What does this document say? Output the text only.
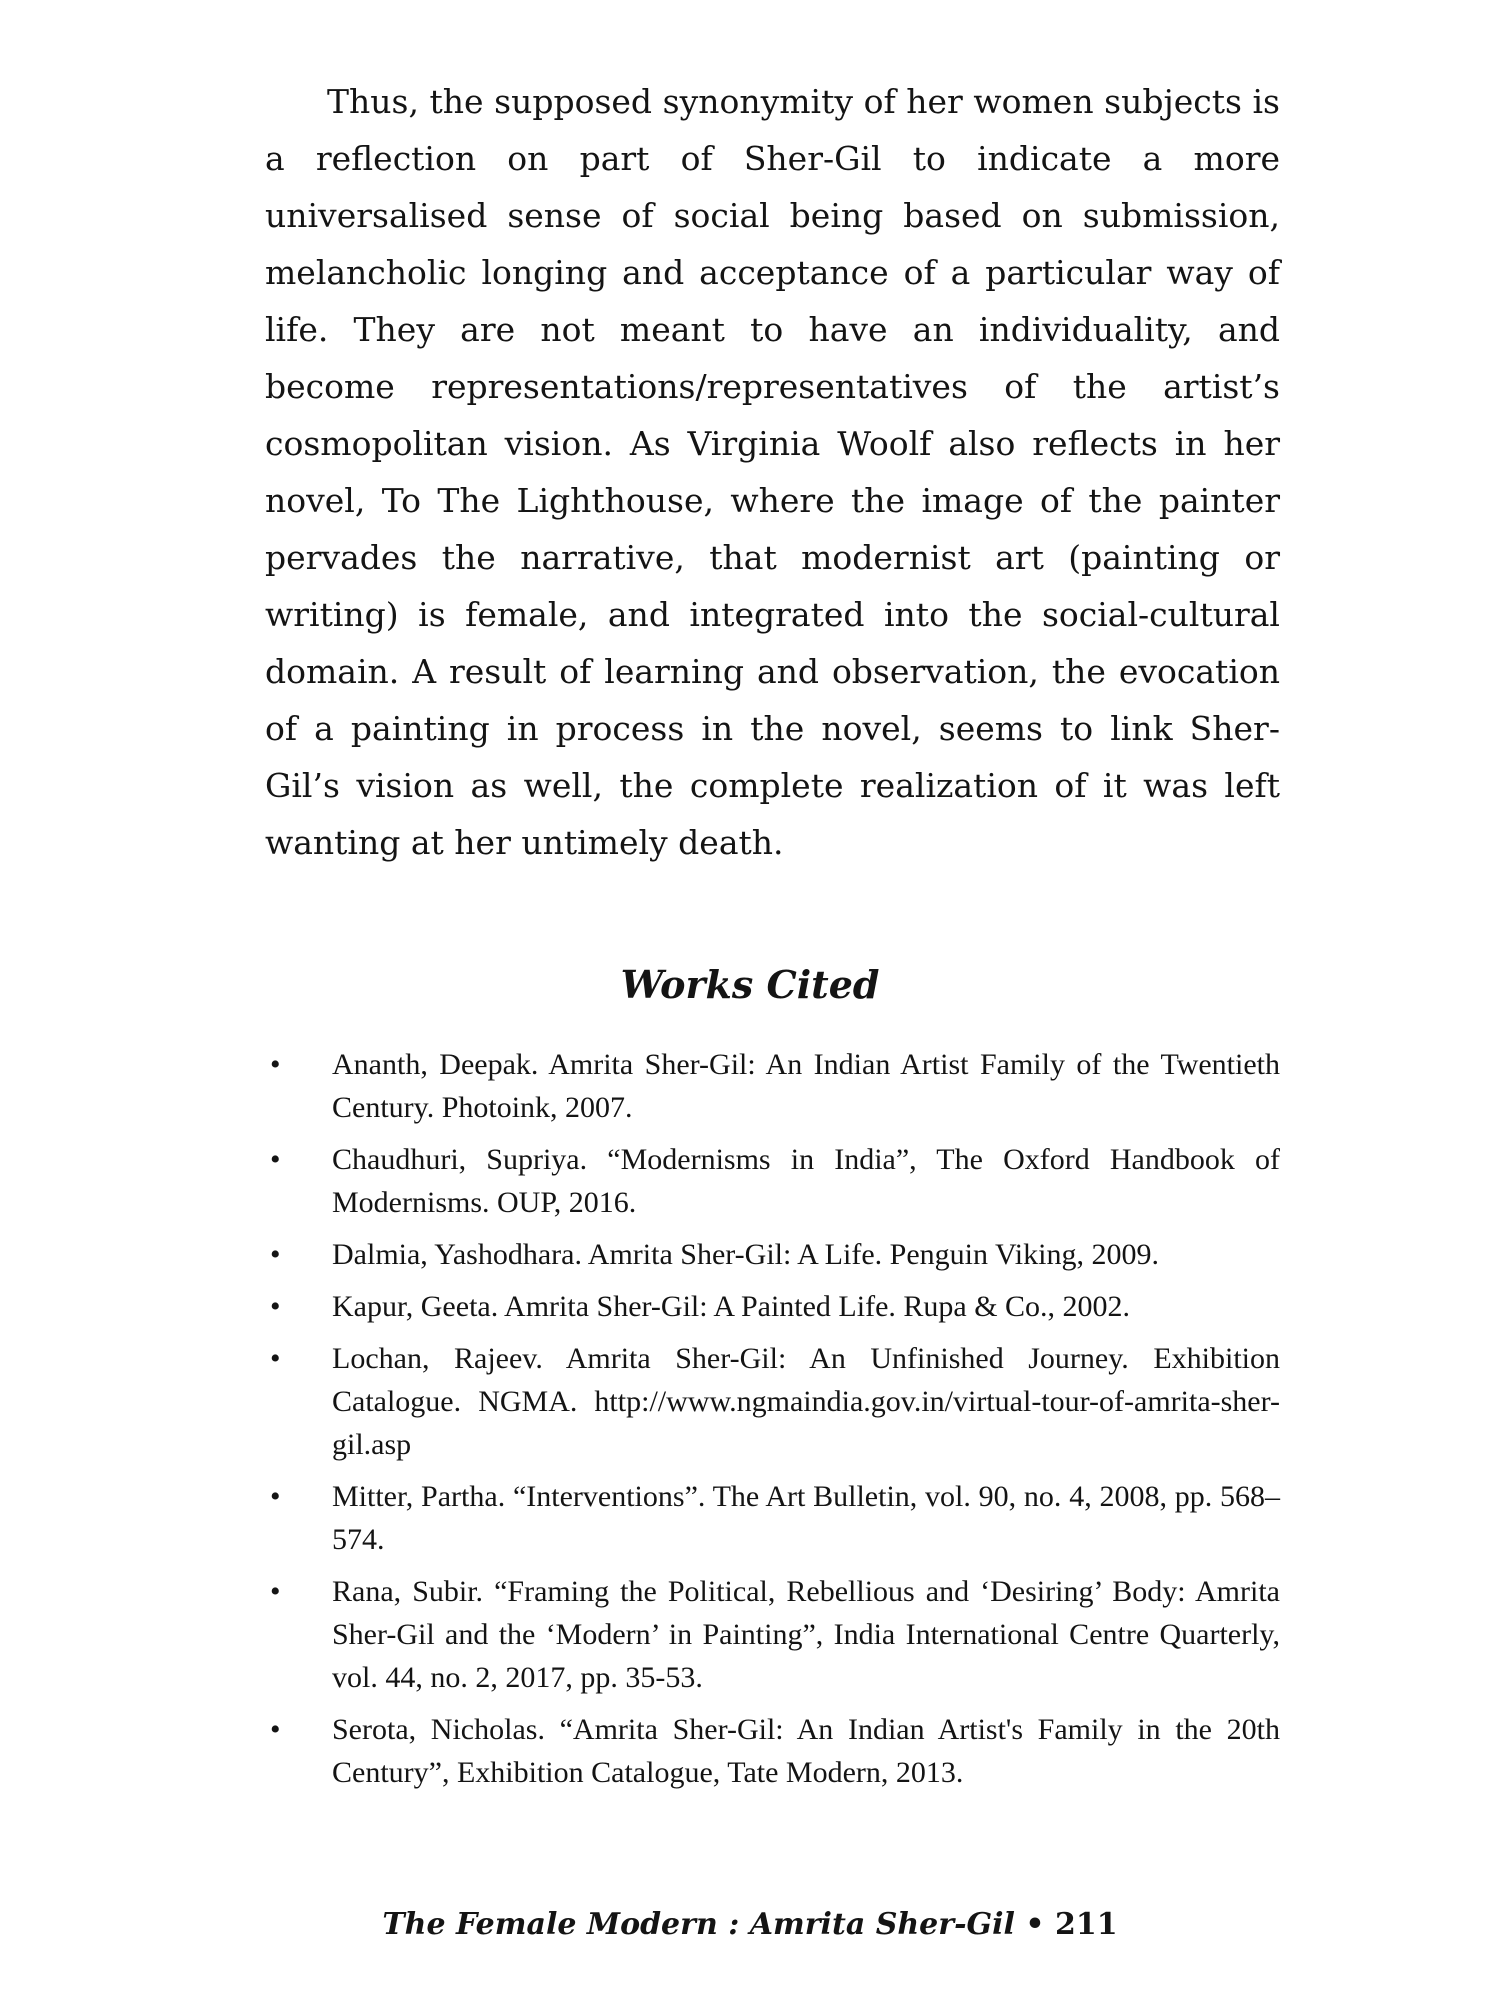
Thus, the supposed synonymity of her women subjects is a reflection on part of Sher-Gil to indicate a more universalised sense of social being based on submission, melancholic longing and acceptance of a particular way of life. They are not meant to have an individuality, and become representations/representatives of the artist’s cosmopolitan vision. As Virginia Woolf also reflects in her novel, To The Lighthouse, where the image of the painter pervades the narrative, that modernist art (painting or writing) is female, and integrated into the social-cultural domain. A result of learning and observation, the evocation of a painting in process in the novel, seems to link Sher-Gil’s vision as well, the complete realization of it was left wanting at her untimely death.

Works Cited
•	Ananth, Deepak. Amrita Sher-Gil: An Indian Artist Family of the Twentieth Century. Photoink, 2007.
•	Chaudhuri, Supriya. “Modernisms in India”, The Oxford Handbook of Modernisms. OUP, 2016.
•	Dalmia, Yashodhara. Amrita Sher-Gil: A Life. Penguin Viking, 2009.
•	Kapur, Geeta. Amrita Sher-Gil: A Painted Life. Rupa & Co., 2002.
•	Lochan, Rajeev. Amrita Sher-Gil: An Unfinished Journey. Exhibition Catalogue. NGMA. http://www.ngmaindia.gov.in/virtual-tour-of-amrita-sher-gil.asp
•	Mitter, Partha. “Interventions”. The Art Bulletin, vol. 90, no. 4, 2008, pp. 568–574.
•	Rana, Subir. “Framing the Political, Rebellious and ‘Desiring’ Body: Amrita Sher-Gil and the ‘Modern’ in Painting”, India International Centre Quarterly, vol. 44, no. 2, 2017, pp. 35-53.
•	Serota, Nicholas. “Amrita Sher-Gil: An Indian Artist's Family in the 20th Century”, Exhibition Catalogue, Tate Modern, 2013.
The Female Modern : Amrita Sher-Gil • 211
